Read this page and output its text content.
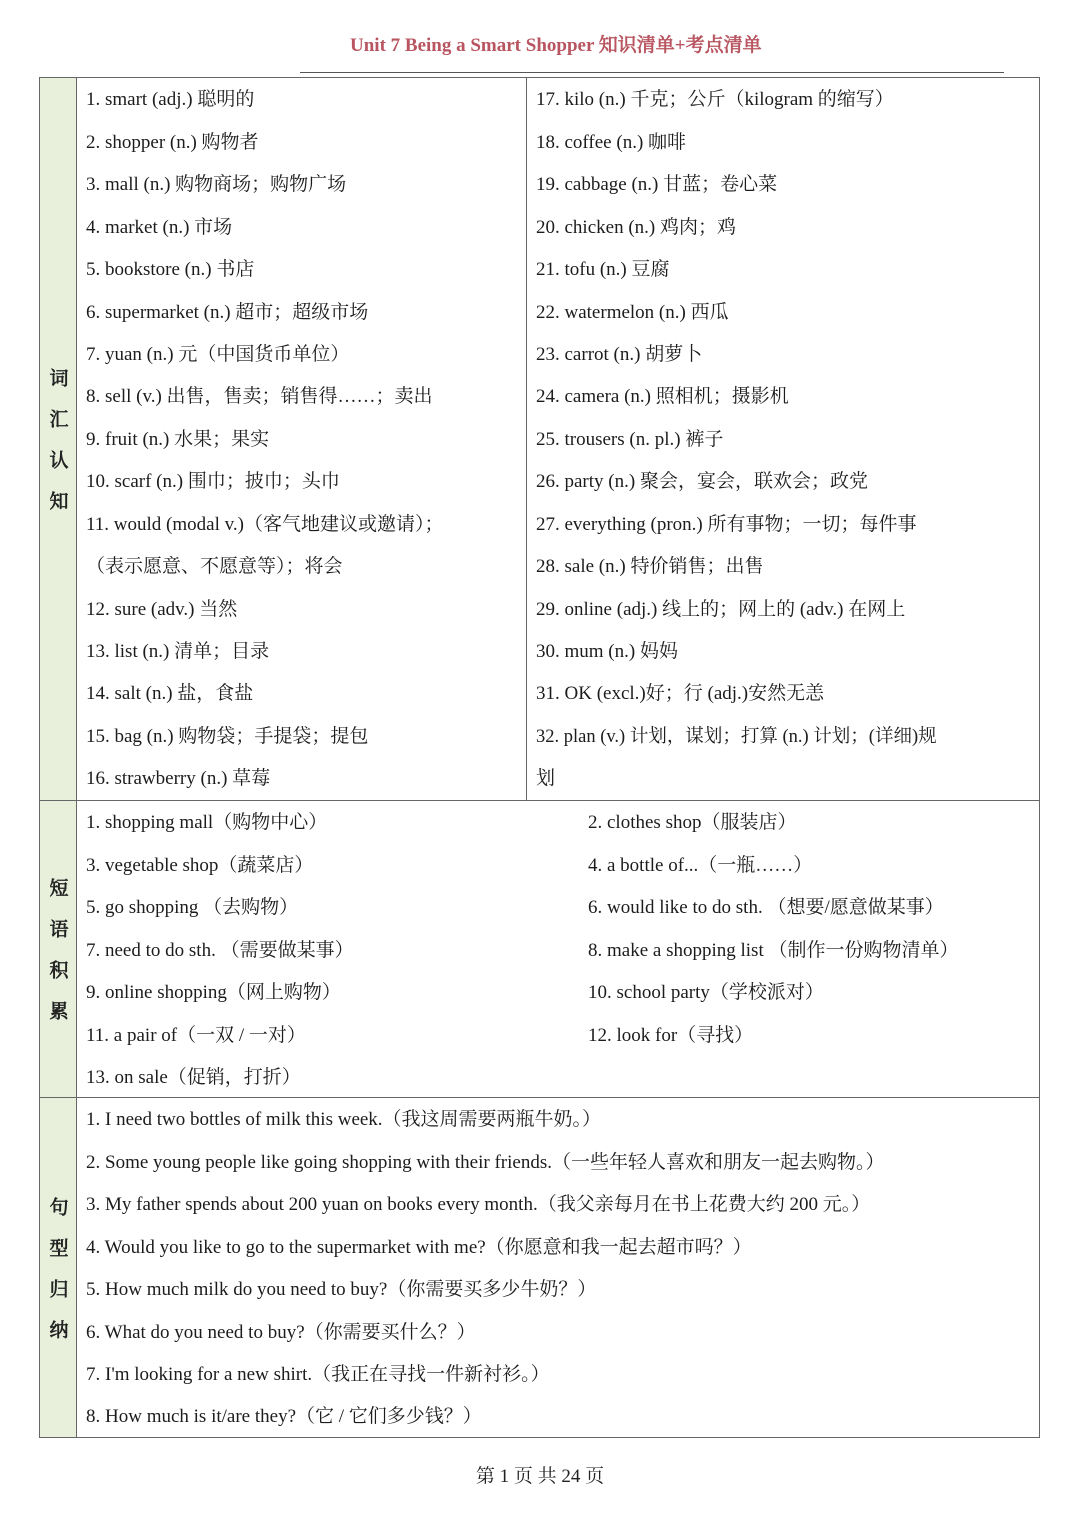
Unit 7 Being a Smart Shopper 知识清单+考点清单
词汇认知
1. smart (adj.) 聪明的
2. shopper (n.) 购物者
3. mall (n.) 购物商场；购物广场
4. market (n.) 市场
5. bookstore (n.) 书店
6. supermarket (n.) 超市；超级市场
7. yuan (n.) 元（中国货币单位）
8. sell (v.) 出售，售卖；销售得……；卖出
9. fruit (n.) 水果；果实
10. scarf (n.) 围巾；披巾；头巾
11. would (modal v.)（客气地建议或邀请）；
（表示愿意、不愿意等）；将会
12. sure (adv.) 当然
13. list (n.) 清单；目录
14. salt (n.) 盐，食盐
15. bag (n.) 购物袋；手提袋；提包
16. strawberry (n.) 草莓
17. kilo (n.) 千克；公斤（kilogram 的缩写）
18. coffee (n.) 咖啡
19. cabbage (n.) 甘蓝；卷心菜
20. chicken (n.) 鸡肉；鸡
21. tofu (n.) 豆腐
22. watermelon (n.) 西瓜
23. carrot (n.) 胡萝卜
24. camera (n.) 照相机；摄影机
25. trousers (n. pl.) 裤子
26. party (n.) 聚会，宴会，联欢会；政党
27. everything (pron.) 所有事物；一切；每件事
28. sale (n.) 特价销售；出售
29. online (adj.) 线上的；网上的 (adv.) 在网上
30. mum (n.) 妈妈
31. OK (excl.)好；行 (adj.)安然无恙
32. plan (v.) 计划，谋划；打算 (n.) 计划；(详细)规
划
短语积累
1. shopping mall（购物中心）
3. vegetable shop（蔬菜店）
5. go shopping （去购物）
7. need to do sth. （需要做某事）
9. online shopping（网上购物）
11. a pair of（一双 / 一对）
13. on sale（促销，打折）
2. clothes shop（服装店）
4. a bottle of...（一瓶……）
6. would like to do sth. （想要/愿意做某事）
8. make a shopping list （制作一份购物清单）
10. school party（学校派对）
12. look for（寻找）
句型归纳
1. I need two bottles of milk this week.（我这周需要两瓶牛奶。）
2. Some young people like going shopping with their friends.（一些年轻人喜欢和朋友一起去购物。）
3. My father spends about 200 yuan on books every month.（我父亲每月在书上花费大约 200 元。）
4. Would you like to go to the supermarket with me?（你愿意和我一起去超市吗？）
5. How much milk do you need to buy?（你需要买多少牛奶？）
6. What do you need to buy?（你需要买什么？）
7. I'm looking for a new shirt.（我正在寻找一件新衬衫。）
8. How much is it/are they?（它 / 它们多少钱？）
第 1 页 共 24 页
